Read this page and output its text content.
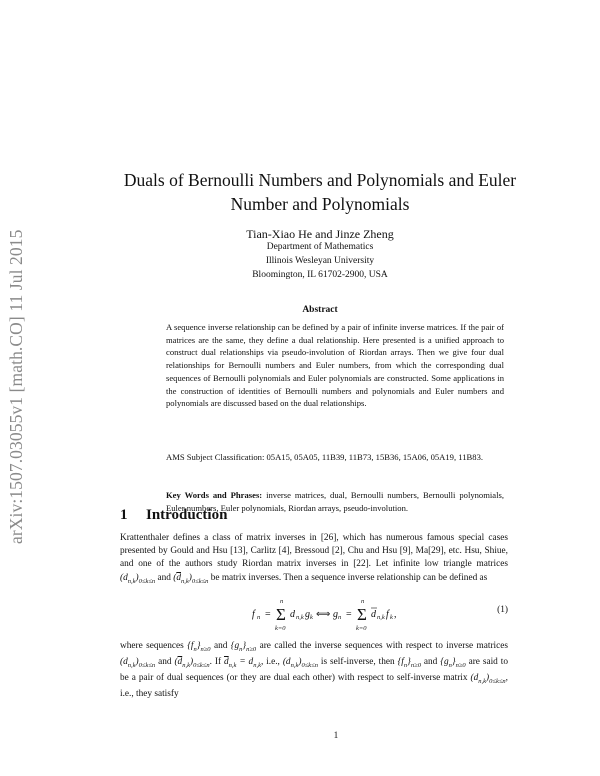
arXiv:1507.03055v1 [math.CO] 11 Jul 2015
Duals of Bernoulli Numbers and Polynomials and Euler Number and Polynomials
Tian-Xiao He and Jinze Zheng
Department of Mathematics
Illinois Wesleyan University
Bloomington, IL 61702-2900, USA
Abstract
A sequence inverse relationship can be defined by a pair of infinite inverse matrices. If the pair of matrices are the same, they define a dual relationship. Here presented is a unified approach to construct dual relationships via pseudo-involution of Riordan arrays. Then we give four dual relationships for Bernoulli numbers and Euler numbers, from which the corresponding dual sequences of Bernoulli polynomials and Euler polynomials are constructed. Some applications in the construction of identities of Bernoulli numbers and polynomials and Euler numbers and polynomials are discussed based on the dual relationships.
AMS Subject Classification: 05A15, 05A05, 11B39, 11B73, 15B36, 15A06, 05A19, 11B83.
Key Words and Phrases: inverse matrices, dual, Bernoulli numbers, Bernoulli polynomials, Euler numbers, Euler polynomials, Riordan arrays, pseudo-involution.
1 Introduction
Krattenthaler defines a class of matrix inverses in [26], which has numerous famous special cases presented by Gould and Hsu [13], Carlitz [4], Bressoud [2], Chu and Hsu [9], Ma[29], etc. Hsu, Shiue, and one of the authors study Riordan matrix inverses in [22]. Let infinite low triangle matrices $(d_{n,k})_{0\le k\le n}$ and $(\overline{d}_{n,k})_{0\le k\le n}$ be matrix inverses. Then a sequence inverse relationship can be defined as
f n = Σ
n
k=0
d n,k g k ⟺ g n = Σ
n
k=0
d n,k f k ,	(1)
where sequences $\{f_n\}_{n\ge 0}$ and $\{g_n\}_{n\ge 0}$ are called the inverse sequences with respect to inverse matrices $(d_{n,k})_{0\le k\le n}$ and $(\overline{d}_{n,k})_{0\le k\le n}$. If $\overline{d}_{n,k} = d_{n,k}$, i.e., $(d_{n,k})_{0\le k\le n}$ is self-inverse, then $\{f_n\}_{n\ge 0}$ and $\{g_n\}_{n\ge 0}$ are said to be a pair of dual sequences (or they are dual each other) with respect to self-inverse matrix $(d_{n,k})_{0\le k\le n}$, i.e., they satisfy
1
